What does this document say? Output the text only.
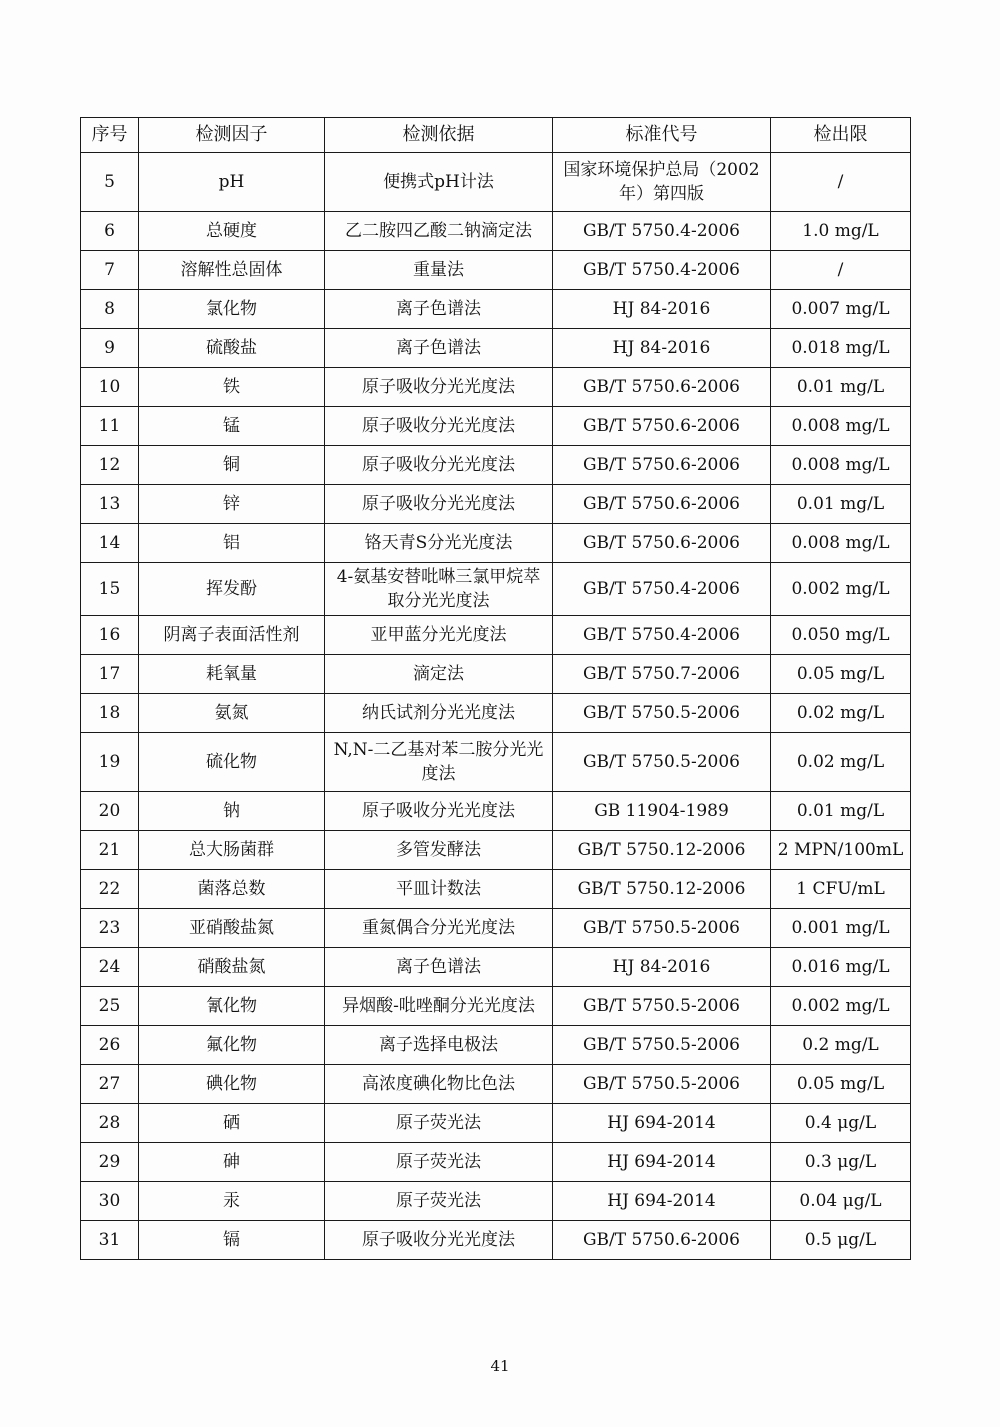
序号	检测因子	检测依据	标准代号	检出限
5	pH	便携式pH计法	国家环境保护总局（2002年）第四版	/
6	总硬度	乙二胺四乙酸二钠滴定法	GB/T 5750.4-2006	1.0 mg/L
7	溶解性总固体	重量法	GB/T 5750.4-2006	/
8	氯化物	离子色谱法	HJ 84-2016	0.007 mg/L
9	硫酸盐	离子色谱法	HJ 84-2016	0.018 mg/L
10	铁	原子吸收分光光度法	GB/T 5750.6-2006	0.01 mg/L
11	锰	原子吸收分光光度法	GB/T 5750.6-2006	0.008 mg/L
12	铜	原子吸收分光光度法	GB/T 5750.6-2006	0.008 mg/L
13	锌	原子吸收分光光度法	GB/T 5750.6-2006	0.01 mg/L
14	铝	铬天青S分光光度法	GB/T 5750.6-2006	0.008 mg/L
15	挥发酚	4-氨基安替吡啉三氯甲烷萃取分光光度法	GB/T 5750.4-2006	0.002 mg/L
16	阴离子表面活性剂	亚甲蓝分光光度法	GB/T 5750.4-2006	0.050 mg/L
17	耗氧量	滴定法	GB/T 5750.7-2006	0.05 mg/L
18	氨氮	纳氏试剂分光光度法	GB/T 5750.5-2006	0.02 mg/L
19	硫化物	N,N-二乙基对苯二胺分光光度法	GB/T 5750.5-2006	0.02 mg/L
20	钠	原子吸收分光光度法	GB 11904-1989	0.01 mg/L
21	总大肠菌群	多管发酵法	GB/T 5750.12-2006	2 MPN/100mL
22	菌落总数	平皿计数法	GB/T 5750.12-2006	1 CFU/mL
23	亚硝酸盐氮	重氮偶合分光光度法	GB/T 5750.5-2006	0.001 mg/L
24	硝酸盐氮	离子色谱法	HJ 84-2016	0.016 mg/L
25	氰化物	异烟酸-吡唑酮分光光度法	GB/T 5750.5-2006	0.002 mg/L
26	氟化物	离子选择电极法	GB/T 5750.5-2006	0.2 mg/L
27	碘化物	高浓度碘化物比色法	GB/T 5750.5-2006	0.05 mg/L
28	硒	原子荧光法	HJ 694-2014	0.4 μg/L
29	砷	原子荧光法	HJ 694-2014	0.3 μg/L
30	汞	原子荧光法	HJ 694-2014	0.04 μg/L
31	镉	原子吸收分光光度法	GB/T 5750.6-2006	0.5 μg/L
41
